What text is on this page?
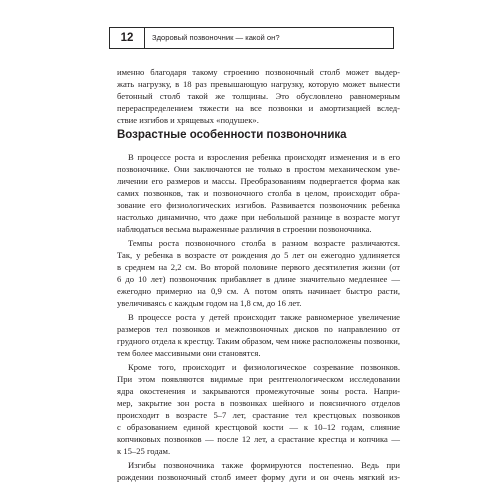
12	Здоровый позвоночник — какой он?
именно благодаря такому строению позвоночный столб может выдер-
жать нагрузку, в 18 раз превышающую нагрузку, которую может вынести
бетонный столб такой же толщины. Это обусловлено равномерным
перераспределением тяжести на все позвонки и амортизацией вслед-
ствие изгибов и хрящевых «подушек».
Возрастные особенности позвоночника
В процессе роста и взросления ребенка происходят изменения и в его
позвоночнике. Они заключаются не только в простом механическом уве-
личении его размеров и массы. Преобразованиям подвергается форма как
самих позвонков, так и позвоночного столба в целом, происходит обра-
зование его физиологических изгибов. Развивается позвоночник ребенка
настолько динамично, что даже при небольшой разнице в возрасте могут
наблюдаться весьма выраженные различия в строении позвоночника.
Темпы роста позвоночного столба в разном возрасте различаются.
Так, у ребенка в возрасте от рождения до 5 лет он ежегодно удлиняется
в среднем на 2,2 см. Во второй половине первого десятилетия жизни (от
6 до 10 лет) позвоночник прибавляет в длине значительно медленнее —
ежегодно примерно на 0,9 см. А потом опять начинает быстро расти,
увеличиваясь с каждым годом на 1,8 см, до 16 лет.
В процессе роста у детей происходит также равномерное увеличение
размеров тел позвонков и межпозвоночных дисков по направлению от
грудного отдела к крестцу. Таким образом, чем ниже расположены позвонки,
тем более массивными они становятся.
Кроме того, происходит и физиологическое созревание позвонков.
При этом появляются видимые при рентгенологическом исследовании
ядра окостенения и закрываются промежуточные зоны роста. Напри-
мер, закрытие зон роста в позвонках шейного и поясничного отделов
происходит в возрасте 5–7 лет, срастание тел крестцовых позвонков
с образованием единой крестцовой кости — к 10–12 годам, слияние
копчиковых позвонков — после 12 лет, а срастание крестца и копчика —
к 15–25 годам.
Изгибы позвоночника также формируются постепенно. Ведь при
рождении позвоночный столб имеет форму дуги и он очень мягкий из-
